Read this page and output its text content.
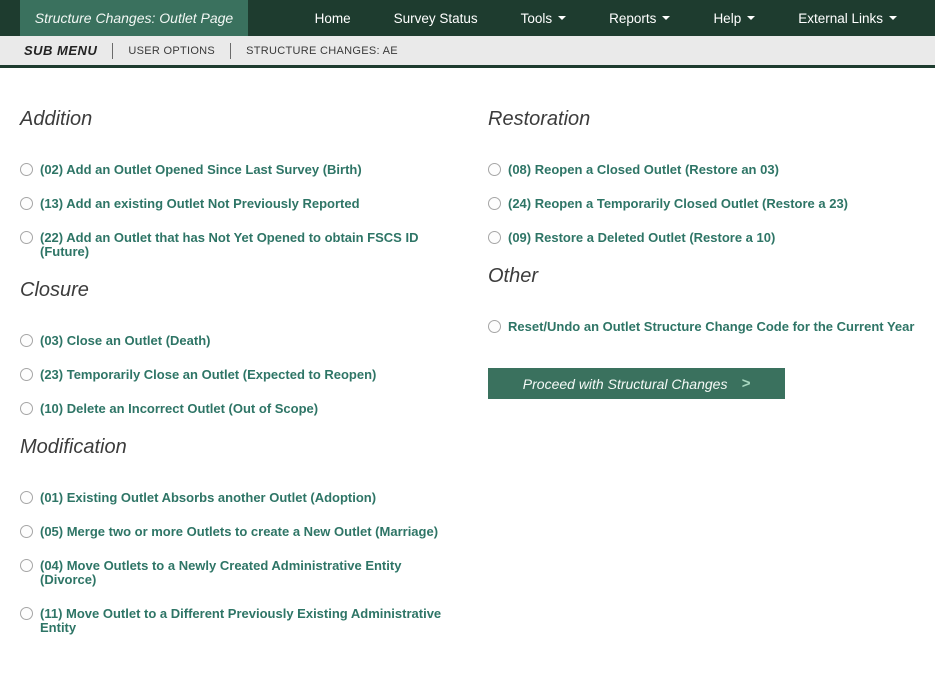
Structure Changes: Outlet Page	Home	Survey Status	Tools	Reports	Help	External Links
SUB MENU	USER OPTIONS	STRUCTURE CHANGES: AE
Addition
(02) Add an Outlet Opened Since Last Survey (Birth)
(13) Add an existing Outlet Not Previously Reported
(22) Add an Outlet that has Not Yet Opened to obtain FSCS ID (Future)
Closure
(03) Close an Outlet (Death)
(23) Temporarily Close an Outlet (Expected to Reopen)
(10) Delete an Incorrect Outlet (Out of Scope)
Modification
(01) Existing Outlet Absorbs another Outlet (Adoption)
(05) Merge two or more Outlets to create a New Outlet (Marriage)
(04) Move Outlets to a Newly Created Administrative Entity (Divorce)
(11) Move Outlet to a Different Previously Existing Administrative Entity
Restoration
(08) Reopen a Closed Outlet (Restore an 03)
(24) Reopen a Temporarily Closed Outlet (Restore a 23)
(09) Restore a Deleted Outlet (Restore a 10)
Other
Reset/Undo an Outlet Structure Change Code for the Current Year
Proceed with Structural Changes >
